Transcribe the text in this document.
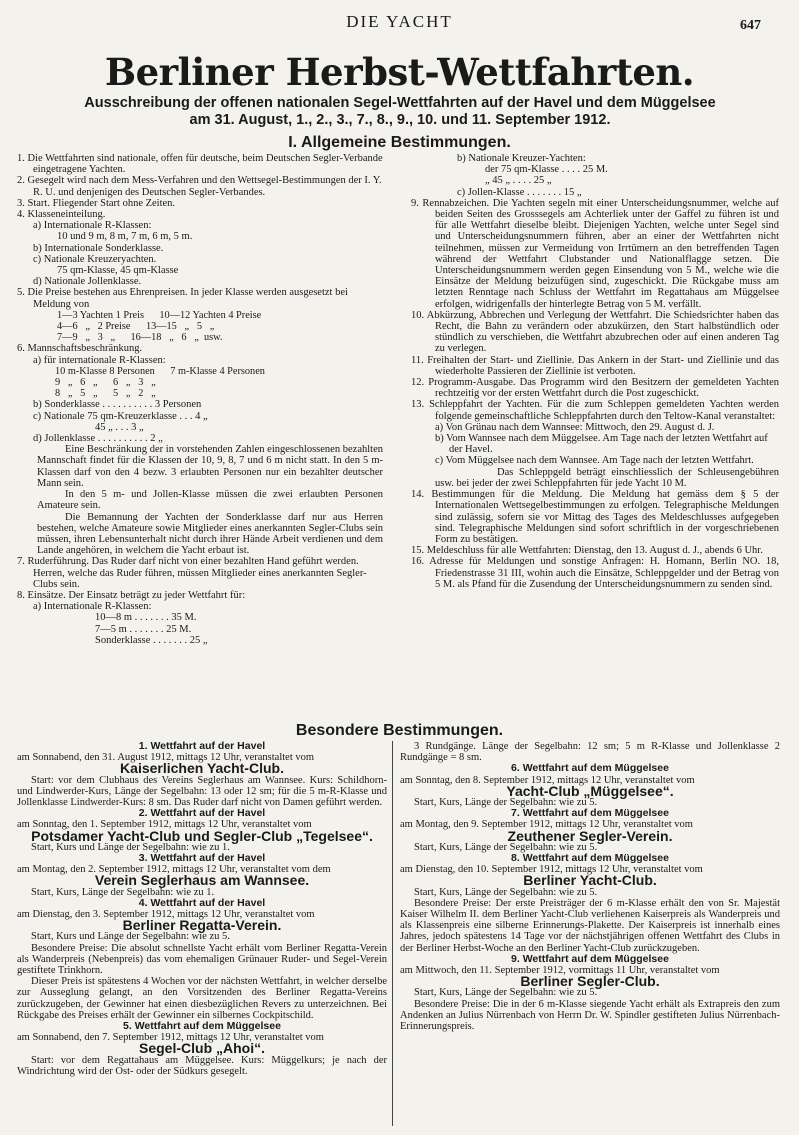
DIE YACHT	647
Berliner Herbst-Wettfahrten.
Ausschreibung der offenen nationalen Segel-Wettfahrten auf der Havel und dem Müggelsee
am 31. August, 1., 2., 3., 7., 8., 9., 10. und 11. September 1912.
I. Allgemeine Bestimmungen.

1. Die Wettfahrten sind nationale, offen für deutsche, beim Deutschen Segler-Verbande eingetragene Yachten.

2. Gesegelt wird nach dem Mess-Verfahren und den Wettsegel-Bestimmungen der I. Y. R. U. und denjenigen des Deutschen Segler-Verbandes.

3. Start. Fliegender Start ohne Zeiten.

4. Klasseneinteilung.

a) Internationale R-Klassen:

10 und 9 m, 8 m, 7 m, 6 m, 5 m.

b) Internationale Sonderklasse.

c) Nationale Kreuzeryachten.

75 qm-Klasse, 45 qm-Klasse

d) Nationale Jollenklasse.

5. Die Preise bestehen aus Ehrenpreisen. In jeder Klasse werden ausgesetzt bei Meldung von

1—3 Yachten 1 Preis      10—12 Yachten 4 Preise

4—6   „   2 Preise      13—15   „   5   „

7—9   „   3   „      16—18   „   6   „  usw.

6. Mannschaftsbeschränkung.

a) für internationale R-Klassen:

10 m-Klasse 8 Personen      7 m-Klasse 4 Personen

9   „   6   „      6   „   3   „

8   „   5   „      5   „   2   „

b) Sonderklasse . . . . . . . . . . 3 Personen

c) Nationale 75 qm-Kreuzerklasse . . . 4 „

45 „ . . . 3 „

d) Jollenklasse . . . . . . . . . . 2 „

Eine Beschränkung der in vorstehenden Zahlen eingeschlossenen bezahlten Mannschaft findet für die Klassen der 10, 9, 8, 7 und 6 m nicht statt. In den 5 m-Klassen darf von den 4 bezw. 3 erlaubten Personen nur ein bezahlter deutscher Mann sein.

In den 5 m- und Jollen-Klasse müssen die zwei erlaubten Personen Amateure sein.

Die Bemannung der Yachten der Sonderklasse darf nur aus Herren bestehen, welche Amateure sowie Mitglieder eines anerkannten Segler-Clubs sein müssen, ihren Lebensunterhalt nicht durch ihrer Hände Arbeit verdienen und dem Lande angehören, in welchem die Yacht erbaut ist.

7. Ruderführung. Das Ruder darf nicht von einer bezahlten Hand geführt werden. Herren, welche das Ruder führen, müssen Mitglieder eines anerkannten Segler-Clubs sein.

8. Einsätze. Der Einsatz beträgt zu jeder Wettfahrt für:

a) Internationale R-Klassen:

10—8 m . . . . . . . 35 M.

7—5 m . . . . . . . 25 M.

Sonderklasse . . . . . . . 25 „

b) Nationale Kreuzer-Yachten:

der 75 qm-Klasse . . . . 25 M.

„ 45 „ . . . . 25 „

c) Jollen-Klasse . . . . . . . 15 „

9. Rennabzeichen. Die Yachten segeln mit einer Unterscheidungsnummer, welche auf beiden Seiten des Grosssegels am Achterliek unter der Gaffel zu führen ist und für alle Wettfahrt dieselbe bleibt. Diejenigen Yachten, welche unter Segel sind und Unterscheidungsnummern führen, aber an einer der Wettfahrten nicht teilnehmen, müssen zur Vermeidung von Irrtümern an den betreffenden Tagen während der Wettfahrt Clubstander und Nationalflagge setzen. Die Unterscheidungsnummern werden gegen Einsendung von 5 M., welche wie die Einsätze der Meldung beizufügen sind, zugeschickt. Die Rückgabe muss am letzten Renntage nach Schluss der Wettfahrt im Regattahaus am Müggelsee erfolgen, widrigenfalls der hinterlegte Betrag von 5 M. verfällt.

10. Abkürzung, Abbrechen und Verlegung der Wettfahrt. Die Schiedsrichter haben das Recht, die Bahn zu verändern oder abzukürzen, den Start halbstündlich oder stündlich zu verschieben, die Wettfahrt abzubrechen oder auf einen anderen Tag zu verlegen.

11. Freihalten der Start- und Ziellinie. Das Ankern in der Start- und Ziellinie und das wiederholte Passieren der Ziellinie ist verboten.

12. Programm-Ausgabe. Das Programm wird den Besitzern der gemeldeten Yachten rechtzeitig vor der ersten Wettfahrt durch die Post zugeschickt.

13. Schleppfahrt der Yachten. Für die zum Schleppen gemeldeten Yachten werden folgende gemeinschaftliche Schleppfahrten durch den Teltow-Kanal veranstaltet:

a) Von Grünau nach dem Wannsee: Mittwoch, den 29. August d. J.

b) Vom Wannsee nach dem Müggelsee. Am Tage nach der letzten Wettfahrt auf der Havel.

c) Vom Müggelsee nach dem Wannsee. Am Tage nach der letzten Wettfahrt.

Das Schleppgeld beträgt einschliesslich der Schleusengebühren usw. bei jeder der zwei Schleppfahrten für jede Yacht 10 M.

14. Bestimmungen für die Meldung. Die Meldung hat gemäss dem § 5 der Internationalen Wettsegelbestimmungen zu erfolgen. Telegraphische Meldungen sind zulässig, sofern sie vor Mittag des Tages des Meldeschlusses aufgegeben sind. Telegraphische Meldungen sind sofort schriftlich in der vorgeschriebenen Form zu bestätigen.

15. Meldeschluss für alle Wettfahrten: Dienstag, den 13. August d. J., abends 6 Uhr.

16. Adresse für Meldungen und sonstige Anfragen: H. Homann, Berlin NO. 18, Friedenstrasse 31 III, wohin auch die Einsätze, Schleppgelder und der Betrag von 5 M. als Pfand für die Zusendung der Unterscheidungsnummern zu senden sind.

Besondere Bestimmungen.

1. Wettfahrt auf der Havel

am Sonnabend, den 31. August 1912, mittags 12 Uhr, veranstaltet vom

Kaiserlichen Yacht-Club.

Start: vor dem Clubhaus des Vereins Seglerhaus am Wannsee. Kurs: Schildhorn- und Lindwerder-Kurs, Länge der Segelbahn: 13 oder 12 sm; für die 5 m-R-Klasse und Jollenklasse Lindwerder-Kurs: 8 sm. Das Ruder darf nicht von Damen geführt werden.

2. Wettfahrt auf der Havel

am Sonntag, den 1. September 1912, mittags 12 Uhr, veranstaltet vom

Potsdamer Yacht-Club und Segler-Club „Tegelsee“.

Start, Kurs und Länge der Segelbahn: wie zu 1.

3. Wettfahrt auf der Havel

am Montag, den 2. September 1912, mittags 12 Uhr, veranstaltet vom dem

Verein Seglerhaus am Wannsee.

Start, Kurs, Länge der Segelbahn: wie zu 1.

4. Wettfahrt auf der Havel

am Dienstag, den 3. September 1912, mittags 12 Uhr, veranstaltet vom

Berliner Regatta-Verein.

Start, Kurs und Länge der Segelbahn: wie zu 5.

Besondere Preise: Die absolut schnellste Yacht erhält vom Berliner Regatta-Verein als Wanderpreis (Nebenpreis) das vom ehemaligen Grünauer Ruder- und Segel-Verein gestiftete Trinkhorn.

Dieser Preis ist spätestens 4 Wochen vor der nächsten Wettfahrt, in welcher derselbe zur Ausseglung gelangt, an den Vorsitzenden des Berliner Regatta-Vereins zurückzugeben, der Gewinner hat einen diesbezüglichen Revers zu unterzeichnen. Bei Rückgabe des Preises erhält der Gewinner ein silbernes Cockpitschild.

5. Wettfahrt auf dem Müggelsee

am Sonnabend, den 7. September 1912, mittags 12 Uhr, veranstaltet vom

Segel-Club „Ahoi“.

Start: vor dem Regattahaus am Müggelsee. Kurs: Müggelkurs; je nach der Windrichtung wird der Ost- oder der Südkurs gesegelt.

3 Rundgänge. Länge der Segelbahn: 12 sm; 5 m R-Klasse und Jollenklasse 2 Rundgänge = 8 sm.

6. Wettfahrt auf dem Müggelsee

am Sonntag, den 8. September 1912, mittags 12 Uhr, veranstaltet vom

Yacht-Club „Müggelsee“.

Start, Kurs, Länge der Segelbahn: wie zu 5.

7. Wettfahrt auf dem Müggelsee

am Montag, den 9. September 1912, mittags 12 Uhr, veranstaltet vom

Zeuthener Segler-Verein.

Start, Kurs, Länge der Segelbahn: wie zu 5.

8. Wettfahrt auf dem Müggelsee

am Dienstag, den 10. September 1912, mittags 12 Uhr, veranstaltet vom

Berliner Yacht-Club.

Start, Kurs, Länge der Segelbahn: wie zu 5.

Besondere Preise: Der erste Preisträger der 6 m-Klasse erhält den von Sr. Majestät Kaiser Wilhelm II. dem Berliner Yacht-Club verliehenen Kaiserpreis als Wanderpreis und als Klassenpreis eine silberne Erinnerungs-Plakette. Der Kaiserpreis ist innerhalb eines Jahres, jedoch spätestens 14 Tage vor der nächstjährigen offenen Wettfahrt des Clubs in der Berliner Herbst-Woche an den Berliner Yacht-Club zurückzugeben.

9. Wettfahrt auf dem Müggelsee

am Mittwoch, den 11. September 1912, vormittags 11 Uhr, veranstaltet vom

Berliner Segler-Club.

Start, Kurs, Länge der Segelbahn: wie zu 5.

Besondere Preise: Die in der 6 m-Klasse siegende Yacht erhält als Extrapreis den zum Andenken an Julius Nürrenbach von Herrn Dr. W. Spindler gestifteten Julius Nürrenbach-Erinnerungspreis.
